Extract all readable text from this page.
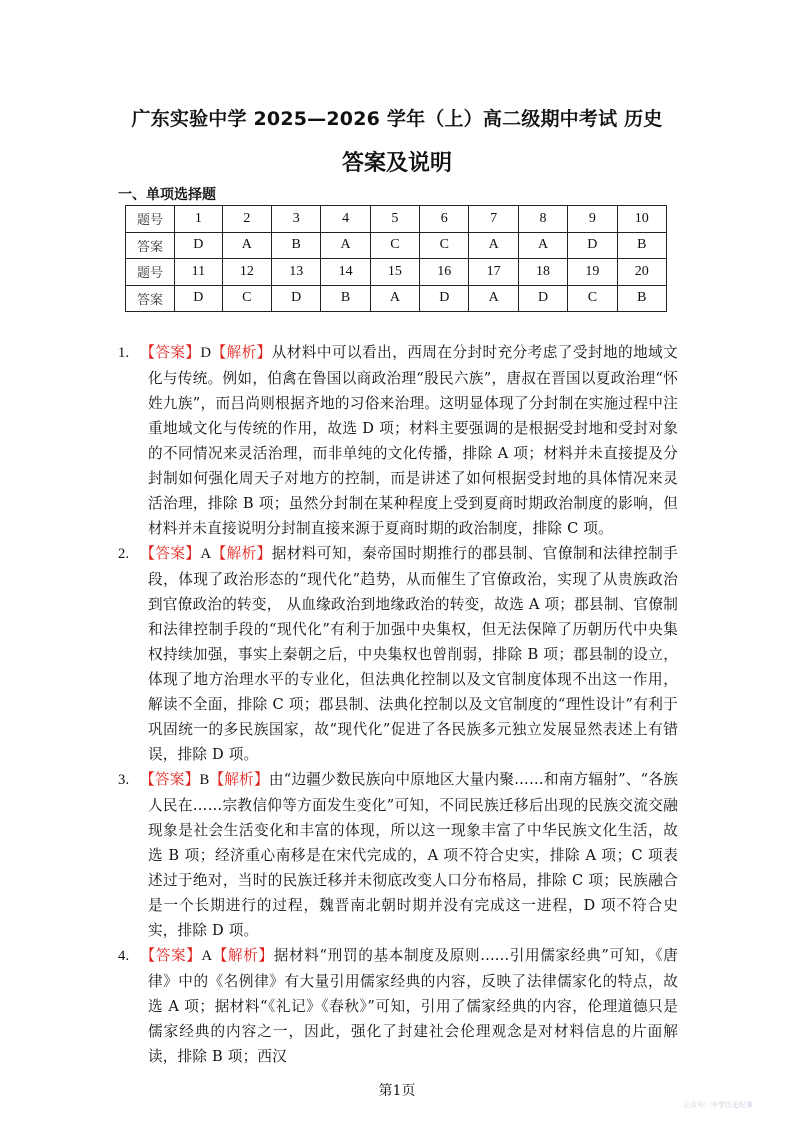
广东实验中学 2025—2026 学年（上）高二级期中考试 历史
答案及说明
一、单项选择题
题号	1	2	3	4	5	6	7	8	9	10
答案	D	A	B	A	C	C	A	A	D	B
题号	11	12	13	14	15	16	17	18	19	20
答案	D	C	D	B	A	D	A	D	C	B
1. 【答案】D【解析】从材料中可以看出，西周在分封时充分考虑了受封地的地域文化与传统。例如，伯禽在鲁国以商政治理“殷民六族”，唐叔在晋国以夏政治理“怀姓九族”，而吕尚则根据齐地的习俗来治理。这明显体现了分封制在实施过程中注重地域文化与传统的作用，故选 D 项；材料主要强调的是根据受封地和受封对象的不同情况来灵活治理，而非单纯的文化传播，排除 A 项；材料并未直接提及分封制如何强化周天子对地方的控制，而是讲述了如何根据受封地的具体情况来灵活治理，排除 B 项；虽然分封制在某种程度上受到夏商时期政治制度的影响，但材料并未直接说明分封制直接来源于夏商时期的政治制度，排除 C 项。
2. 【答案】A【解析】据材料可知，秦帝国时期推行的郡县制、官僚制和法律控制手段，体现了政治形态的“现代化”趋势，从而催生了官僚政治，实现了从贵族政治到官僚政治的转变， 从血缘政治到地缘政治的转变，故选 A 项；郡县制、官僚制和法律控制手段的“现代化”有利于加强中央集权，但无法保障了历朝历代中央集权持续加强，事实上秦朝之后，中央集权也曾削弱，排除 B 项；郡县制的设立，体现了地方治理水平的专业化，但法典化控制以及文官制度体现不出这一作用，解读不全面，排除 C 项；郡县制、法典化控制以及文官制度的“理性设计”有利于巩固统一的多民族国家，故“现代化”促进了各民族多元独立发展显然表述上有错误，排除 D 项。
3. 【答案】B【解析】由“边疆少数民族向中原地区大量内聚……和南方辐射”、“各族人民在……宗教信仰等方面发生变化”可知，不同民族迁移后出现的民族交流交融现象是社会生活变化和丰富的体现，所以这一现象丰富了中华民族文化生活，故选 B 项；经济重心南移是在宋代完成的，A 项不符合史实，排除 A 项；C 项表述过于绝对，当时的民族迁移并未彻底改变人口分布格局，排除 C 项；民族融合是一个长期进行的过程，魏晋南北朝时期并没有完成这一进程，D 项不符合史实，排除 D 项。
4. 【答案】A【解析】据材料“刑罚的基本制度及原则......引用儒家经典”可知，《唐律》中的《名例律》有大量引用儒家经典的内容，反映了法律儒家化的特点，故选 A 项；据材料“《礼记》《春秋》”可知，引用了儒家经典的内容，伦理道德只是儒家经典的内容之一，因此，强化了封建社会伦理观念是对材料信息的片面解读，排除 B 项；西汉
第1页
公众号：中学历史纪事
